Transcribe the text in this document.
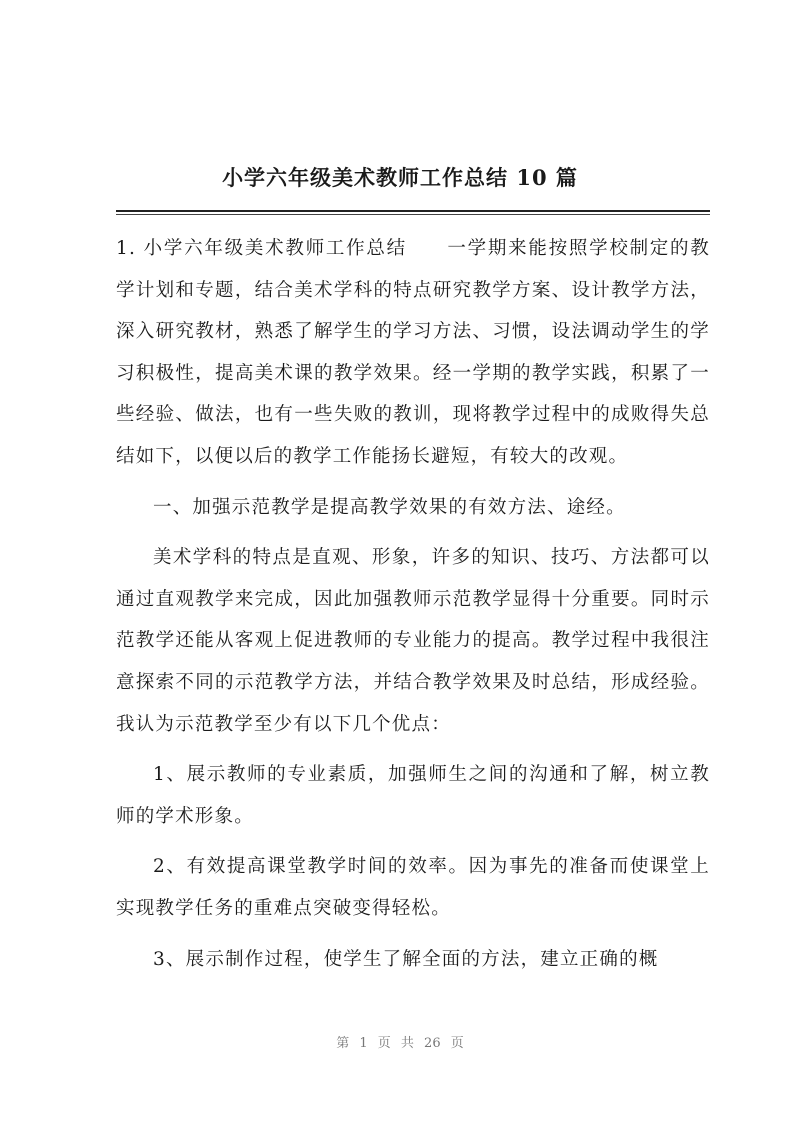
小学六年级美术教师工作总结 10 篇

1. 小学六年级美术教师工作总结　　一学期来能按照学校制定的教学计划和专题，结合美术学科的特点研究教学方案、设计教学方法，深入研究教材，熟悉了解学生的学习方法、习惯，设法调动学生的学习积极性，提高美术课的教学效果。经一学期的教学实践，积累了一些经验、做法，也有一些失败的教训，现将教学过程中的成败得失总结如下，以便以后的教学工作能扬长避短，有较大的改观。

一、加强示范教学是提高教学效果的有效方法、途经。

美术学科的特点是直观、形象，许多的知识、技巧、方法都可以通过直观教学来完成，因此加强教师示范教学显得十分重要。同时示范教学还能从客观上促进教师的专业能力的提高。教学过程中我很注意探索不同的示范教学方法，并结合教学效果及时总结，形成经验。我认为示范教学至少有以下几个优点：

1、展示教师的专业素质，加强师生之间的沟通和了解，树立教师的学术形象。

2、有效提高课堂教学时间的效率。因为事先的准备而使课堂上实现教学任务的重难点突破变得轻松。

3、展示制作过程，使学生了解全面的方法，建立正确的概

第 1 页 共 26 页
